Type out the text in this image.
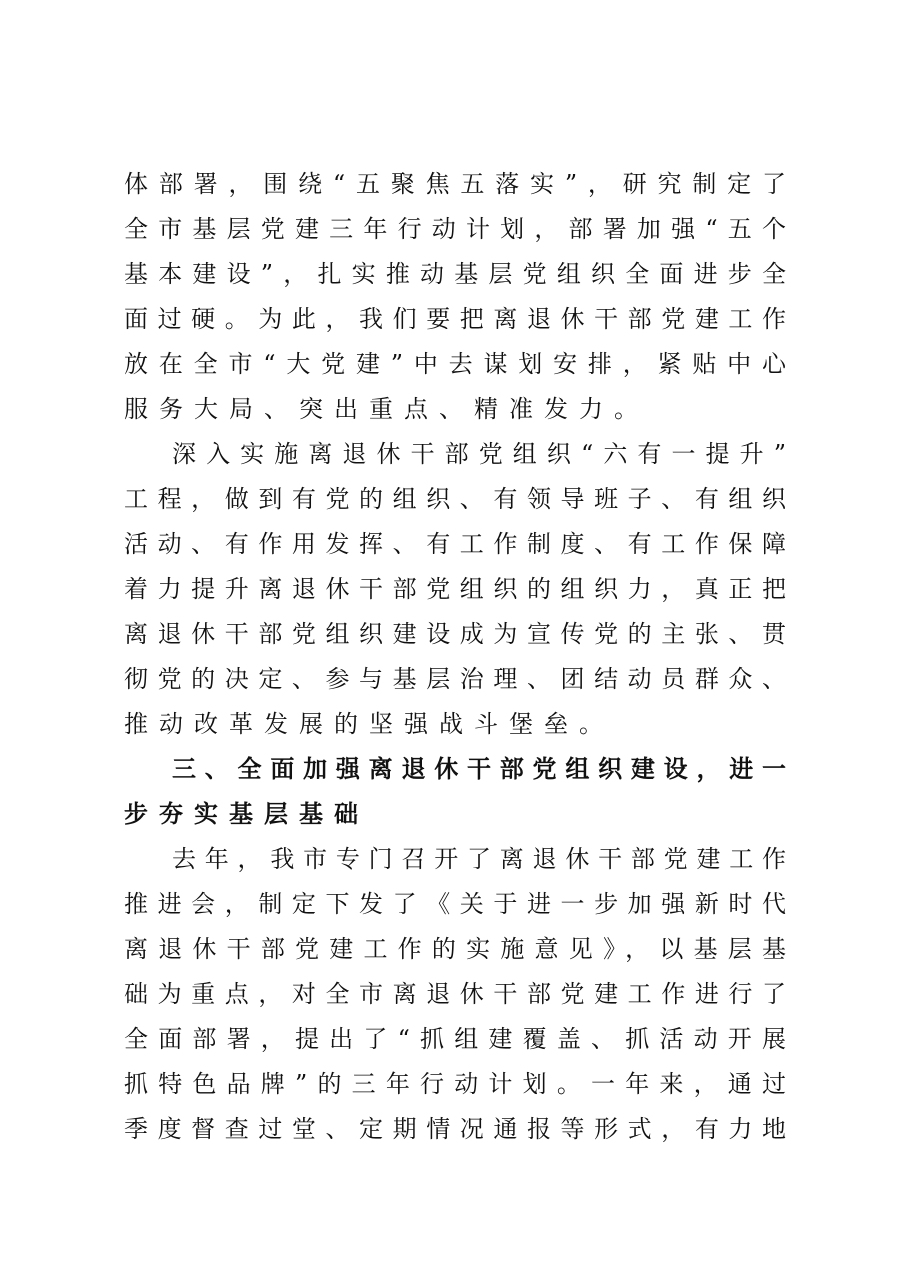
体部署，围绕“五聚焦五落实”，研究制定了
全市基层党建三年行动计划，部署加强“五个
基本建设”，扎实推动基层党组织全面进步全
面过硬。为此，我们要把离退休干部党建工作
放在全市“大党建”中去谋划安排，紧贴中心
服务大局、突出重点、精准发力。
深入实施离退休干部党组织“六有一提升”
工程，做到有党的组织、有领导班子、有组织
活动、有作用发挥、有工作制度、有工作保障
着力提升离退休干部党组织的组织力，真正把
离退休干部党组织建设成为宣传党的主张、贯
彻党的决定、参与基层治理、团结动员群众、
推动改革发展的坚强战斗堡垒。
三、全面加强离退休干部党组织建设，进一
步夯实基层基础
去年，我市专门召开了离退休干部党建工作
推进会，制定下发了《关于进一步加强新时代
离退休干部党建工作的实施意见》，以基层基
础为重点，对全市离退休干部党建工作进行了
全面部署，提出了“抓组建覆盖、抓活动开展
抓特色品牌”的三年行动计划。一年来，通过
季度督查过堂、定期情况通报等形式，有力地
